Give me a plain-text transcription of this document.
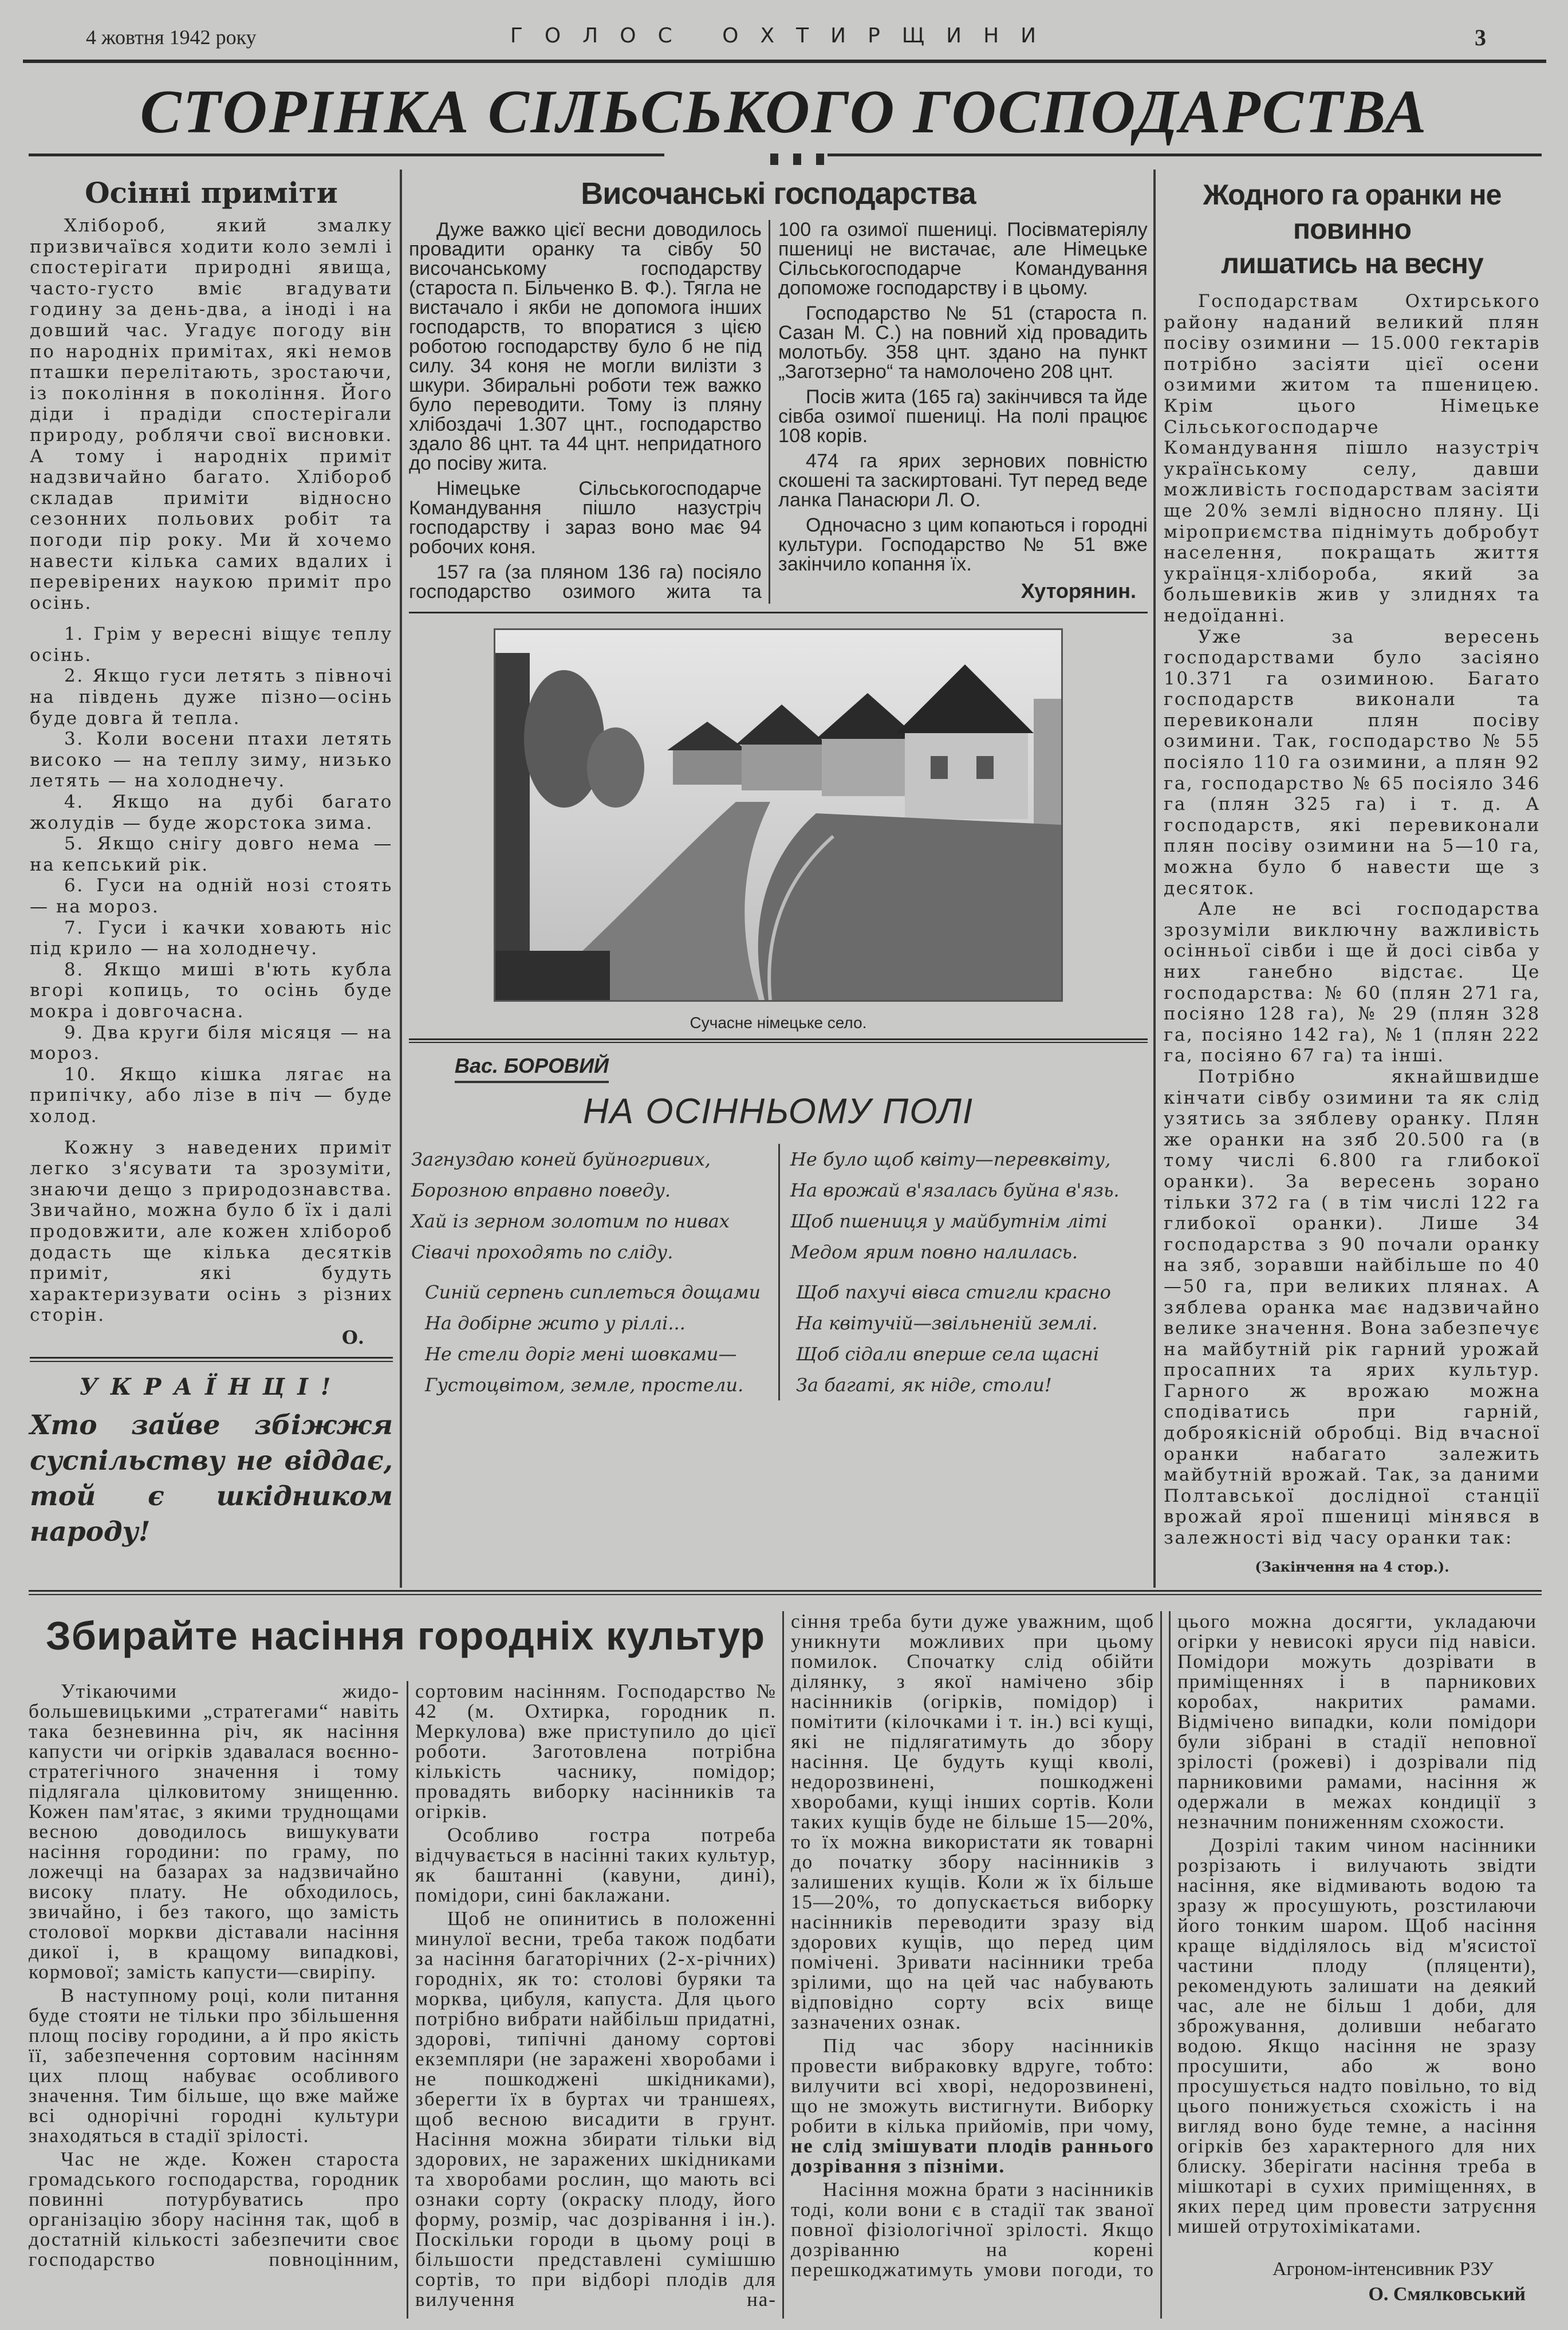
4 жовтня 1942 року	ГОЛОС ОХТИРЩИНИ	3
СТОРІНКА СІЛЬСЬКОГО ГОСПОДАРСТВА
Осінні приміти

Хлібороб, який змалку призвичаївся ходити коло землі і спостерігати природні явища, часто-густо вміє вгадувати годину за день-два, а іноді і на довший час. Угадує погоду він по народніх примітах, які немов пташки перелітають, зростаючи, із покоління в покоління. Його діди і прадіди спостерігали природу, роблячи свої висновки. А тому і народніх приміт надзвичайно багато. Хлібороб складав приміти відносно сезонних польових робіт та погоди пір року. Ми й хочемо навести кілька самих вдалих і перевірених наукою приміт про осінь.

1. Грім у вересні віщує теплу осінь.

2. Якщо гуси летять з півночі на південь дуже пізно—осінь буде довга й тепла.

3. Коли восени птахи летять високо — на теплу зиму, низько летять — на холоднечу.

4. Якщо на дубі багато жолудів — буде жорстока зима.

5. Якщо снігу довго нема — на кепський рік.

6. Гуси на одній нозі стоять — на мороз.

7. Гуси і качки ховають ніс під крило — на холоднечу.

8. Якщо миші в'ють кубла вгорі копиць, то осінь буде мокра і довгочасна.

9. Два круги біля місяця — на мороз.

10. Якщо кішка лягає на припічку, або лізе в піч — буде холод.

Кожну з наведених приміт легко з'ясувати та зрозуміти, знаючи дещо з природознавства. Звичайно, можна було б їх і далі продовжити, але кожен хлібороб додасть ще кілька десятків приміт, які будуть характеризувати осінь з різних сторін.

О.
УКРАЇНЦІ!
Хто зайве збіжжя суспільству не віддає, той є шкідником народу!
Височанські господарства

Дуже важко цієї весни доводилось провадити оранку та сівбу 50 височанському господарству (староста п. Більченко В. Ф.). Тягла не вистачало і якби не допомога інших господарств, то впоратися з цією роботою господарству було б не під силу. 34 коня не могли вилізти з шкури. Збиральні роботи теж важко було переводити. Тому із пляну хлібоздачі 1.307 цнт., господарство здало 86 цнт. та 44 цнт. непридатного до посіву жита.

Німецьке Сільськогосподарче Командування пішло назустріч господарству і зараз воно має 94 робочих коня.

157 га (за пляном 136 га) посіяло господарство озимого жита та

100 га озимої пшениці. Посівматеріялу пшениці не вистачає, але Німецьке Сільськогосподарче Командування допоможе господарству і в цьому.

Господарство № 51 (староста п. Сазан М. С.) на повний хід провадить молотьбу. 358 цнт. здано на пункт „Заготзерно“ та намолочено 208 цнт.

Посів жита (165 га) закінчився та йде сівба озимої пшениці. На полі працює 108 корів.

474 га ярих зернових повністю скошені та заскиртовані. Тут перед веде ланка Панасюри Л. О.

Одночасно з цим копаються і городні культури. Господарство № 51 вже закінчило копання їх.

Хуторянин.
Сучасне німецьке село.
Вас. БОРОВИЙ
НА ОСІННЬОМУ ПОЛІ
Загнуздаю коней буйногривих,
Борозною вправно поведу.
Хай із зерном золотим по нивах
Сівачі проходять по сліду.
Не було щоб квіту—перевквіту,
На врожай в'язалась буйна в'язь.
Щоб пшениця у майбутнім літі
Медом ярим повно налилась.
Синій серпень сиплеться дощами
На добірне жито у ріллі...
Не стели доріг мені шовками—
Густоцвітом, земле, простели.
Щоб пахучі вівса стигли красно
На квітучій—звільненій землі.
Щоб сідали вперше села щасні
За багаті, як ніде, столи!
Жодного га оранки не повинно
лишатись на весну

Господарствам Охтирського району наданий великий плян посіву озимини — 15.000 гектарів потрібно засіяти цієї осени озимими житом та пшеницею. Крім цього Німецьке Сільськогосподарче Командування пішло назустріч українському селу, давши можливість господарствам засіяти ще 20% землі відносно пляну. Ці міроприємства піднімуть добробут населення, покращать життя українця-хлібороба, який за большевиків жив у злиднях та недоїданні.

Уже за вересень господарствами було засіяно 10.371 га озиминою. Багато господарств виконали та перевиконали плян посіву озимини. Так, господарство № 55 посіяло 110 га озимини, а плян 92 га, господарство № 65 посіяло 346 га (плян 325 га) і т. д. А господарств, які перевиконали плян посіву озимини на 5—10 га, можна було б навести ще з десяток.

Але не всі господарства зрозуміли виключну важливість осінньої сівби і ще й досі сівба у них ганебно відстає. Це господарства: № 60 (плян 271 га, посіяно 128 га), № 29 (плян 328 га, посіяно 142 га), № 1 (плян 222 га, посіяно 67 га) та інші.

Потрібно якнайшвидше кінчати сівбу озимини та як слід узятись за зяблеву оранку. Плян же оранки на зяб 20.500 га (в тому числі 6.800 га глибокої оранки). За вересень зорано тільки 372 га ( в тім числі 122 га глибокої оранки). Лише 34 господарства з 90 почали оранку на зяб, зоравши найбільше по 40—50 га, при великих плянах. А зяблева оранка має надзвичайно велике значення. Вона забезпечує на майбутній рік гарний урожай просапних та ярих культур. Гарного ж врожаю можна сподіватись при гарній, доброякісній обробці. Від вчасної оранки набагато залежить майбутній врожай. Так, за даними Полтавської дослідної станції врожай ярої пшениці мінявся в залежності від часу оранки так:

(Закінчення на 4 стор.).
Збирайте насіння городніх культур

Утікаючими жидо-большевицькими „стратегами“ навіть така безневинна річ, як насіння капусти чи огірків здавалася воєнно-стратегічного значення і тому підлягала цілковитому знищенню. Кожен пам'ятає, з якими труднощами весною доводилось вишукувати насіння городини: по граму, по ложечці на базарах за надзвичайно високу плату. Не обходилось, звичайно, і без такого, що замість столової моркви діставали насіння дикої і, в кращому випадкові, кормової; замість капусти—свиріпу.

В наступному році, коли питання буде стояти не тільки про збільшення площ посіву городини, а й про якість її, забезпечення сортовим насінням цих площ набуває особливого значення. Тим більше, що вже майже всі однорічні городні культури знаходяться в стадії зрілості.

Час не жде. Кожен староста громадського господарства, городник повинні потурбуватись про організацію збору насіння так, щоб в достатній кількості забезпечити своє господарство повноцінним,

сортовим насінням. Господарство № 42 (м. Охтирка, городник п. Меркулова) вже приступило до цієї роботи. Заготовлена потрібна кількість часнику, помідор; провадять виборку насінників та огірків.

Особливо гостра потреба відчувається в насінні таких культур, як баштанні (кавуни, дині), помідори, сині баклажани.

Щоб не опинитись в положенні минулої весни, треба також подбати за насіння багаторічних (2-х-річних) городніх, як то: столові буряки та морква, цибуля, капуста. Для цього потрібно вибрати найбільш придатні, здорові, типічні даному сортові екземпляри (не заражені хворобами і не пошкоджені шкідниками), зберегти їх в буртах чи траншеях, щоб весною висадити в грунт. Насіння можна збирати тільки від здорових, не заражених шкідниками та хворобами рослин, що мають всі ознаки сорту (окраску плоду, його форму, розмір, час дозрівання і ін.). Поскільки городи в цьому році в більшости представлені сумішшю сортів, то при відборі плодів для вилучення на-

сіння треба бути дуже уважним, щоб уникнути можливих при цьому помилок. Спочатку слід обійти ділянку, з якої намічено збір насінників (огірків, помідор) і помітити (кілочками і т. ін.) всі кущі, які не підлягатимуть до збору насіння. Це будуть кущі кволі, недорозвинені, пошкоджені хворобами, кущі інших сортів. Коли таких кущів буде не більше 15—20%, то їх можна використати як товарні до початку збору насінників з залишених кущів. Коли ж їх більше 15—20%, то допускається виборку насінників переводити зразу від здорових кущів, що перед цим помічені. Зривати насінники треба зрілими, що на цей час набувають відповідно сорту всіх вище зазначених ознак.

Під час збору насінників провести вибраковку вдруге, тобто: вилучити всі хворі, недорозвинені, що не зможуть вистигнути. Виборку робити в кілька прийомів, при чому, не слід змішувати плодів раннього дозрівання з пізніми.

Насіння можна брати з насінників тоді, коли вони є в стадії так званої повної фізіологічної зрілості. Якщо дозріванню на корені перешкоджатимуть умови погоди, то

цього можна досягти, укладаючи огірки у невисокі яруси під навіси. Помідори можуть дозрівати в приміщеннях і в парникових коробах, накритих рамами. Відмічено випадки, коли помідори були зібрані в стадії неповної зрілості (рожеві) і дозрівали під парниковими рамами, насіння ж одержали в межах кондиції з незначним пониженням схожости.

Дозрілі таким чином насінники розрізають і вилучають звідти насіння, яке відмивають водою та зразу ж просушують, розстилаючи його тонким шаром. Щоб насіння краще відділялось від м'ясистої частини плоду (пляценти), рекомендують залишати на деякий час, але не більш 1 доби, для зброжування, доливши небагато водою. Якщо насіння не зразу просушити, або ж воно просушується надто повільно, то від цього понижується схожість і на вигляд воно буде темне, а насіння огірків без характерного для них блиску. Зберігати насіння треба в мішкотарі в сухих приміщеннях, в яких перед цим провести затруєння мишей отрутохімікатами.

Агроном-інтенсивник РЗУ
О. Смялковський
